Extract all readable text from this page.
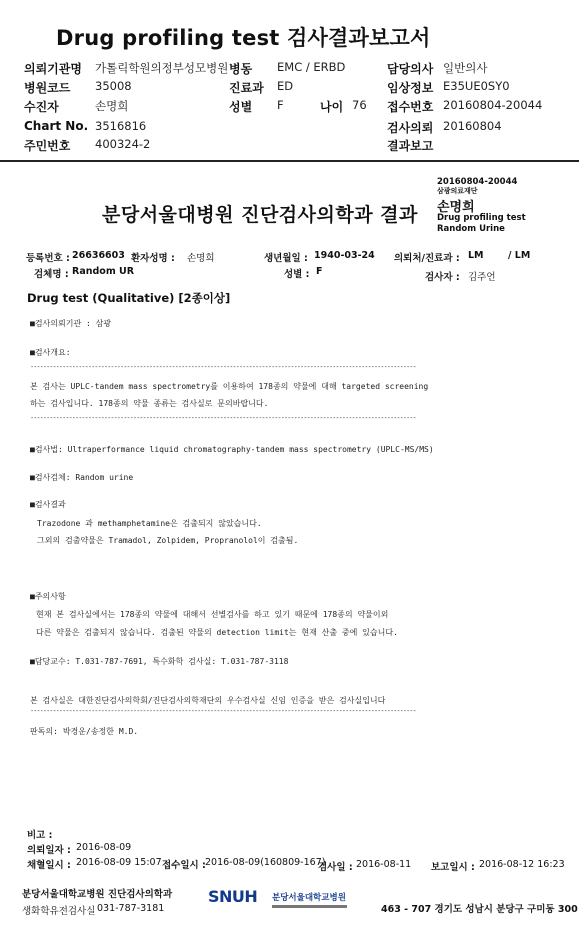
Drug profiling test 검사결과보고서
의뢰기관명 가톨릭학원의정부성모병원 병동 EMC / ERBD	담당의사 일반의사
병원코드 35008	진료과 ED	임상정보 E35UE0SY0
수진자	손명희	성별 F	나이 76 접수번호 20160804-20044
Chart No. 3516816	검사의뢰 20160804
주민번호 400324-2	결과보고
20160804-20044
삼광의료재단
손명희
Drug profiling test
Random Urine
분당서울대병원 진단검사의학과 결과
등록번호 : 26636603 환자성명 : 손명희	생년월일 : 1940-03-24 의뢰처/진료과 : LM	/ LM
검체명 : Random UR	성별 : F
검사자 : 김주언
Drug test (Qualitative) [2종이상]
■검사의뢰기관 : 삼광
■검사개요:
------------------------------------------------------------------------------------------------------------------------
본 검사는 UPLC-tandem mass spectrometry를 이용하여 178종의 약물에 대해 targeted screening
하는 검사입니다. 178종의 약물 종류는 검사실로 문의바랍니다.
------------------------------------------------------------------------------------------------------------------------
■검사법: Ultraperformance liquid chromatography-tandem mass spectrometry (UPLC-MS/MS)
■검사검체: Random urine
■검사결과
Trazodone 과 methamphetamine은 검출되지 않았습니다.
그외의 검출약물은 Tramadol, Zolpidem, Propranolol이 검출됨.
■주의사항
현재 본 검사실에서는 178종의 약물에 대해서 선별검사를 하고 있기 때문에 178종의 약물이외
다른 약물은 검출되지 않습니다. 검출된 약물의 detection limit는 현재 산출 중에 있습니다.
■담당교수: T.031-787-7691, 특수화학 검사실: T.031-787-3118
본 검사실은 대한진단검사의학회/진단검사의학재단의 우수검사실 신임 인증을 받은 검사실입니다
------------------------------------------------------------------------------------------------------------------------
판독의: 박경운/송정한 M.D.
비고 :
의뢰일자 : 2016-08-09
채혈일시 : 2016-08-09 15:07 접수일시 : 2016-08-09(160809-167)
검사일 : 2016-08-11 보고일시 : 2016-08-12 16:23
분당서울대학교병원 진단검사의학과
생화학유전검사실 031-787-3181
SNUH 분당서울대학교병원
463 - 707 경기도 성남시 분당구 구미동 300
